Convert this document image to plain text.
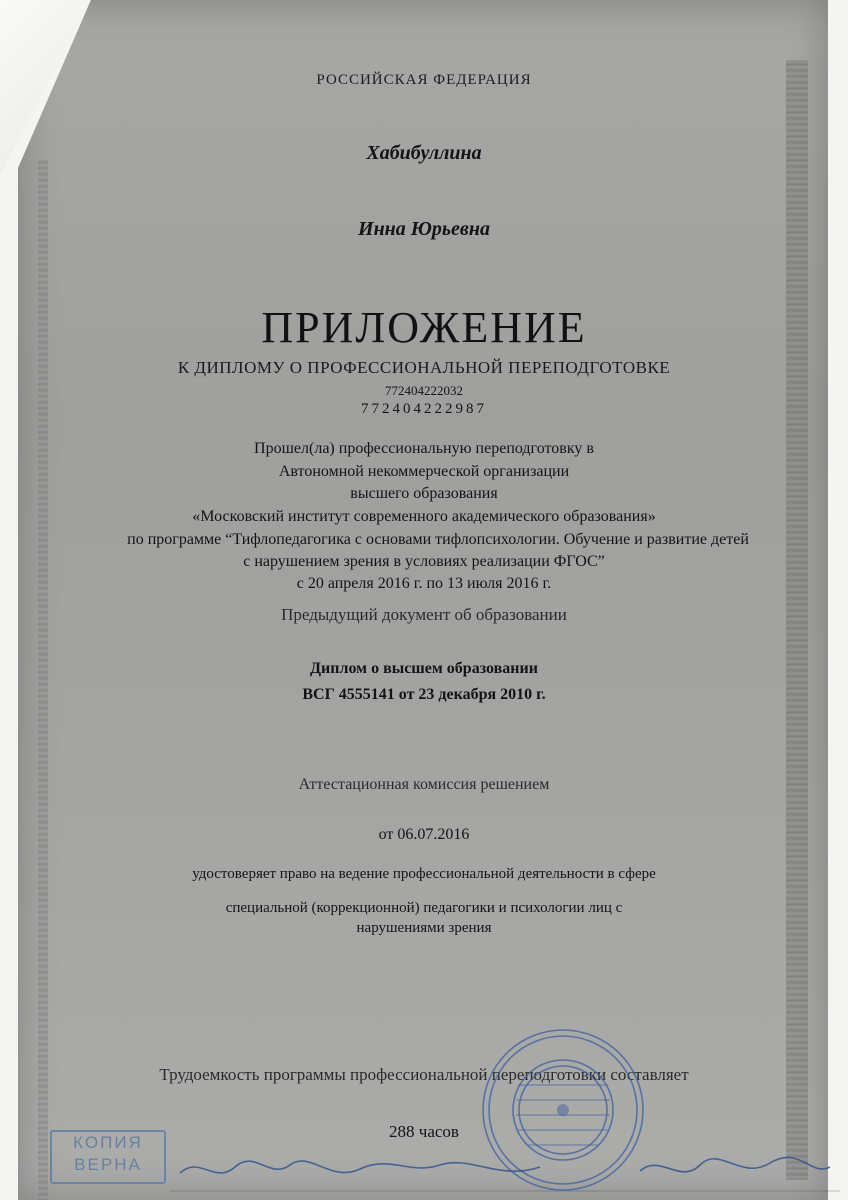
РОССИЙСКАЯ ФЕДЕРАЦИЯ
Хабибуллина
Инна Юрьевна
ПРИЛОЖЕНИЕ
К ДИПЛОМУ О ПРОФЕССИОНАЛЬНОЙ ПЕРЕПОДГОТОВКЕ
772404222032
772404222987
Прошел(ла) профессиональную переподготовку в
Автономной некоммерческой организации
высшего образования
«Московский институт современного академического образования»
по программе “Тифлопедагогика с основами тифлопсихологии. Обучение и развитие детей
с нарушением зрения в условиях реализации ФГОС”
с 20 апреля 2016 г. по 13 июля 2016 г.
Предыдущий документ об образовании
Диплом о высшем образовании
ВСГ 4555141 от 23 декабря 2010 г.
Аттестационная комиссия решением
от 06.07.2016
удостоверяет право на ведение профессиональной деятельности в сфере
специальной (коррекционной) педагогики и психологии лиц с
нарушениями зрения
Трудоемкость программы профессиональной переподготовки составляет
288 часов
КОПИЯ
ВЕРНА
